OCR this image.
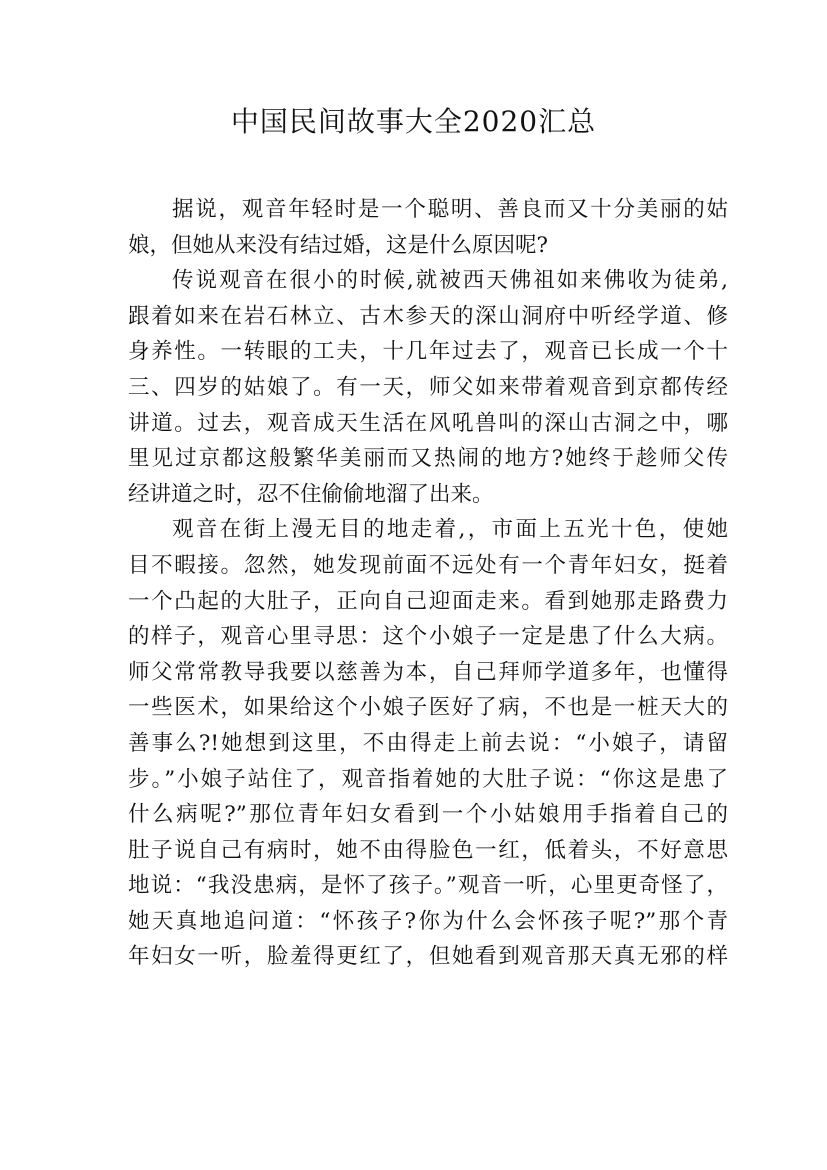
中国民间故事大全2020汇总

据说，观音年轻时是一个聪明、善良而又十分美丽的姑
娘，但她从来没有结过婚，这是什么原因呢?

传说观音在很小的时候,就被西天佛祖如来佛收为徒弟,
跟着如来在岩石林立、古木参天的深山洞府中听经学道、修
身养性。一转眼的工夫，十几年过去了，观音已长成一个十
三、四岁的姑娘了。有一天，师父如来带着观音到京都传经
讲道。过去，观音成天生活在风吼兽叫的深山古洞之中，哪
里见过京都这般繁华美丽而又热闹的地方?她终于趁师父传
经讲道之时，忍不住偷偷地溜了出来。

观音在街上漫无目的地走着,，市面上五光十色，使她
目不暇接。忽然，她发现前面不远处有一个青年妇女，挺着
一个凸起的大肚子，正向自己迎面走来。看到她那走路费力
的样子，观音心里寻思：这个小娘子一定是患了什么大病。
师父常常教导我要以慈善为本，自己拜师学道多年，也懂得
一些医术，如果给这个小娘子医好了病，不也是一桩天大的
善事么?!她想到这里，不由得走上前去说：“小娘子，请留
步。”小娘子站住了，观音指着她的大肚子说：“你这是患了
什么病呢?”那位青年妇女看到一个小姑娘用手指着自己的
肚子说自己有病时，她不由得脸色一红，低着头，不好意思
地说：“我没患病，是怀了孩子。”观音一听，心里更奇怪了，
她天真地追问道：“怀孩子?你为什么会怀孩子呢?”那个青
年妇女一听，脸羞得更红了，但她看到观音那天真无邪的样
